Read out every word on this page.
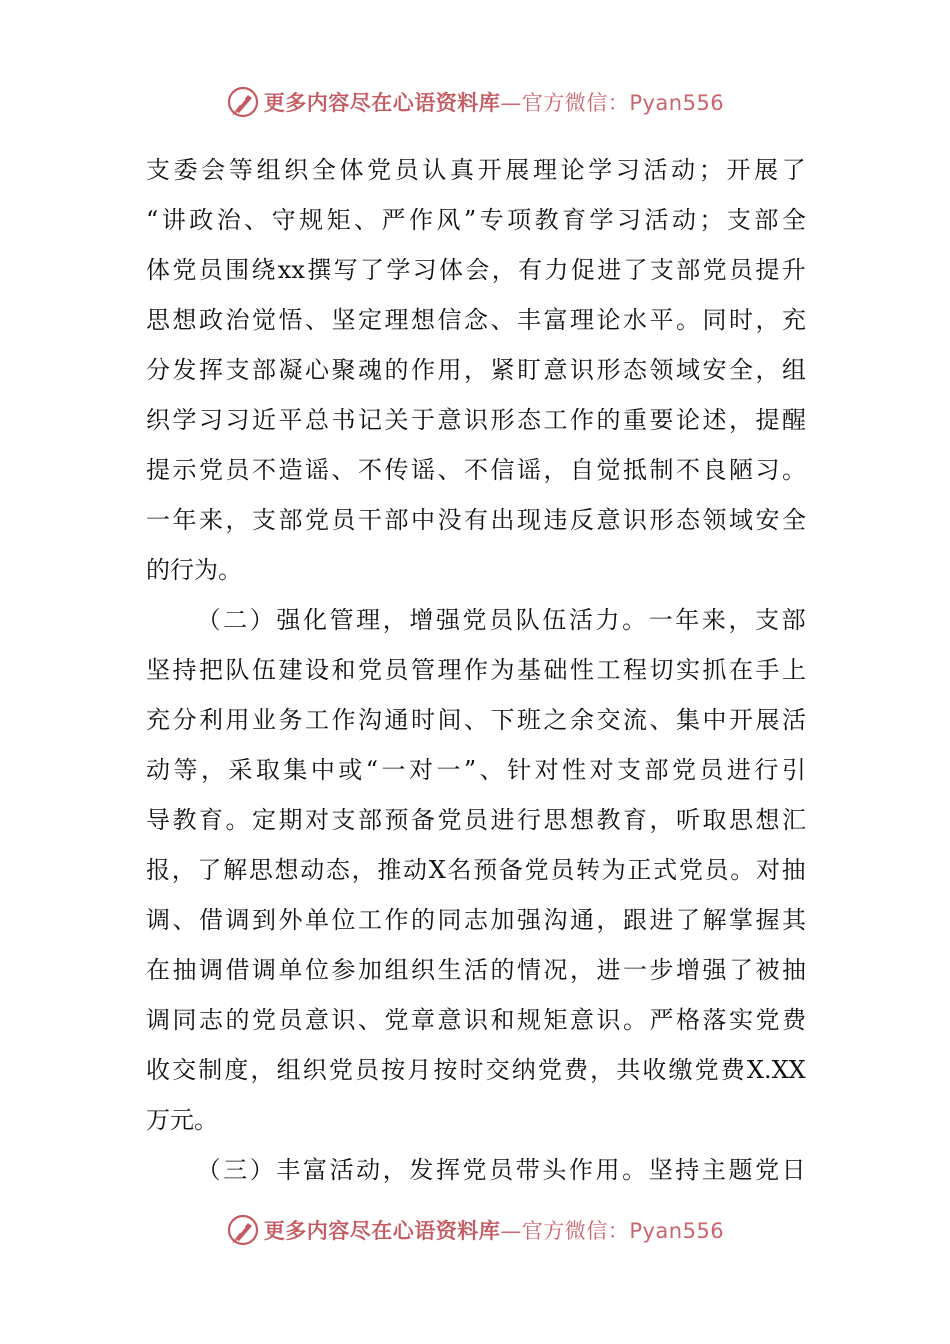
更多内容尽在心语资料库—官方微信：Pyan556
支 委 会 等 组 织 全 体 党 员 认 真 开 展 理 论 学 习 活 动 ； 开 展 了
“ 讲 政 治 、 守 规 矩 、 严 作 风 ” 专 项 教 育 学 习 活 动 ； 支 部 全
体 党 员 围 绕 xx 撰 写 了 学 习 体 会 ， 有 力 促 进 了 支 部 党 员 提 升
思 想 政 治 觉 悟 、 坚 定 理 想 信 念 、 丰 富 理 论 水 平 。 同 时 ， 充
分 发 挥 支 部 凝 心 聚 魂 的 作 用 ， 紧 盯 意 识 形 态 领 域 安 全 ， 组
织 学 习 习 近 平 总 书 记 关 于 意 识 形 态 工 作 的 重 要 论 述 ， 提 醒
提 示 党 员 不 造 谣 、 不 传 谣 、 不 信 谣 ， 自 觉 抵 制 不 良 陋 习 。
一 年 来 ， 支 部 党 员 干 部 中 没 有 出 现 违 反 意 识 形 态 领 域 安 全
的行为。

（ 二 ） 强 化 管 理 ， 增 强 党 员 队 伍 活 力 。 一 年 来 ， 支 部
坚 持 把 队 伍 建 设 和 党 员 管 理 作 为 基 础 性 工 程 切 实 抓 在 手 上
充 分 利 用 业 务 工 作 沟 通 时 间 、 下 班 之 余 交 流 、 集 中 开 展 活
动 等 ， 采 取 集 中 或 “ 一 对 一 ” 、 针 对 性 对 支 部 党 员 进 行 引
导 教 育 。 定 期 对 支 部 预 备 党 员 进 行 思 想 教 育 ， 听 取 思 想 汇
报 ， 了 解 思 想 动 态 ， 推 动 X 名 预 备 党 员 转 为 正 式 党 员 。 对 抽
调 、 借 调 到 外 单 位 工 作 的 同 志 加 强 沟 通 ， 跟 进 了 解 掌 握 其
在 抽 调 借 调 单 位 参 加 组 织 生 活 的 情 况 ， 进 一 步 增 强 了 被 抽
调 同 志 的 党 员 意 识 、 党 章 意 识 和 规 矩 意 识 。 严 格 落 实 党 费
收 交 制 度 ， 组 织 党 员 按 月 按 时 交 纳 党 费 ， 共 收 缴 党 费 X.XX
万元。

（ 三 ） 丰 富 活 动 ， 发 挥 党 员 带 头 作 用 。 坚 持 主 题 党 日
更多内容尽在心语资料库—官方微信：Pyan556
